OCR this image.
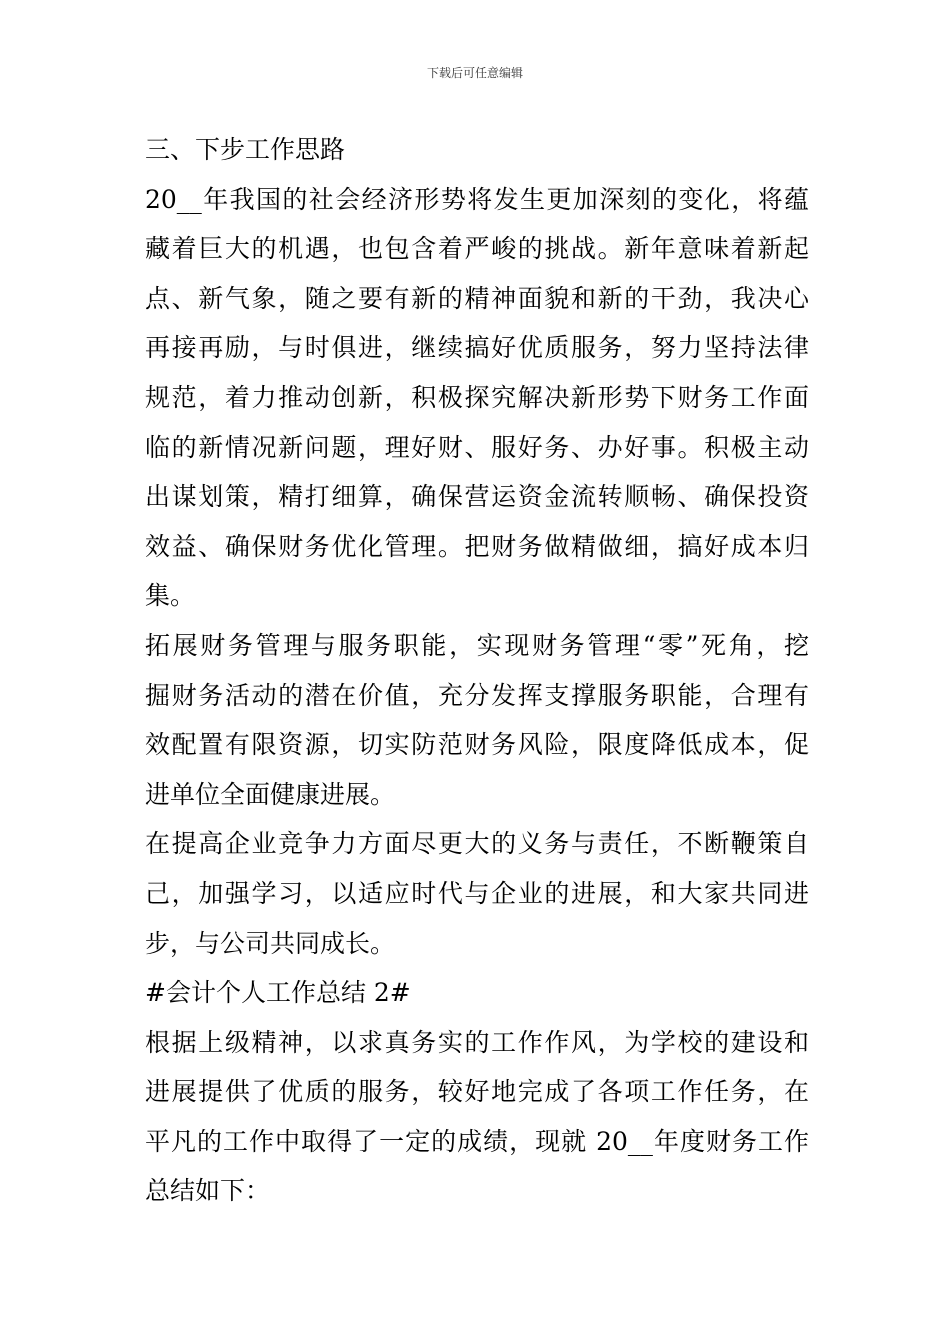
下载后可任意编辑
三、下步工作思路
20__年我国的社会经济形势将发生更加深刻的变化，将蕴
藏着巨大的机遇，也包含着严峻的挑战。新年意味着新起
点、新气象，随之要有新的精神面貌和新的干劲，我决心
再接再励，与时俱进，继续搞好优质服务，努力坚持法律
规范，着力推动创新，积极探究解决新形势下财务工作面
临的新情况新问题，理好财、服好务、办好事。积极主动
出谋划策，精打细算，确保营运资金流转顺畅、确保投资
效益、确保财务优化管理。把财务做精做细，搞好成本归
集。
拓展财务管理与服务职能，实现财务管理“零”死角，挖
掘财务活动的潜在价值，充分发挥支撑服务职能，合理有
效配置有限资源，切实防范财务风险，限度降低成本，促
进单位全面健康进展。
在提高企业竞争力方面尽更大的义务与责任，不断鞭策自
己，加强学习，以适应时代与企业的进展，和大家共同进
步，与公司共同成长。
#会计个人工作总结 2#
根据上级精神，以求真务实的工作作风，为学校的建设和
进展提供了优质的服务，较好地完成了各项工作任务，在
平凡的工作中取得了一定的成绩，现就 20__年度财务工作
总结如下：
